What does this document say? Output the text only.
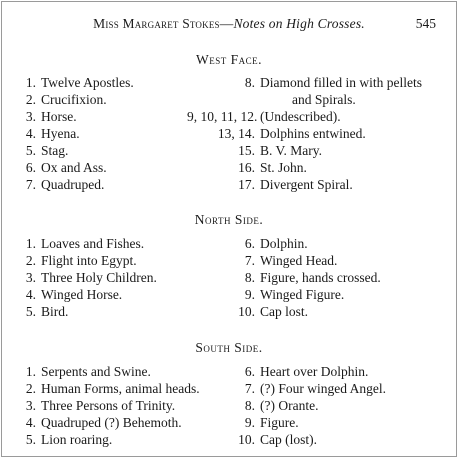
Miss Margaret Stokes—Notes on High Crosses.	545
West Face.
1. Twelve Apostles.
2. Crucifixion.
3. Horse.
4. Hyena.
5. Stag.
6. Ox and Ass.
7. Quadruped.
8. Diamond filled in with pellets
and Spirals.
9, 10, 11, 12. (Undescribed).
13, 14. Dolphins entwined.
15. B. V. Mary.
16. St. John.
17. Divergent Spiral.
North Side.
1. Loaves and Fishes.
2. Flight into Egypt.
3. Three Holy Children.
4. Winged Horse.
5. Bird.
6. Dolphin.
7. Winged Head.
8. Figure, hands crossed.
9. Winged Figure.
10. Cap lost.
South Side.
1. Serpents and Swine.
2. Human Forms, animal heads.
3. Three Persons of Trinity.
4. Quadruped (?) Behemoth.
5. Lion roaring.
6. Heart over Dolphin.
7. (?) Four winged Angel.
8. (?) Orante.
9. Figure.
10. Cap (lost).
